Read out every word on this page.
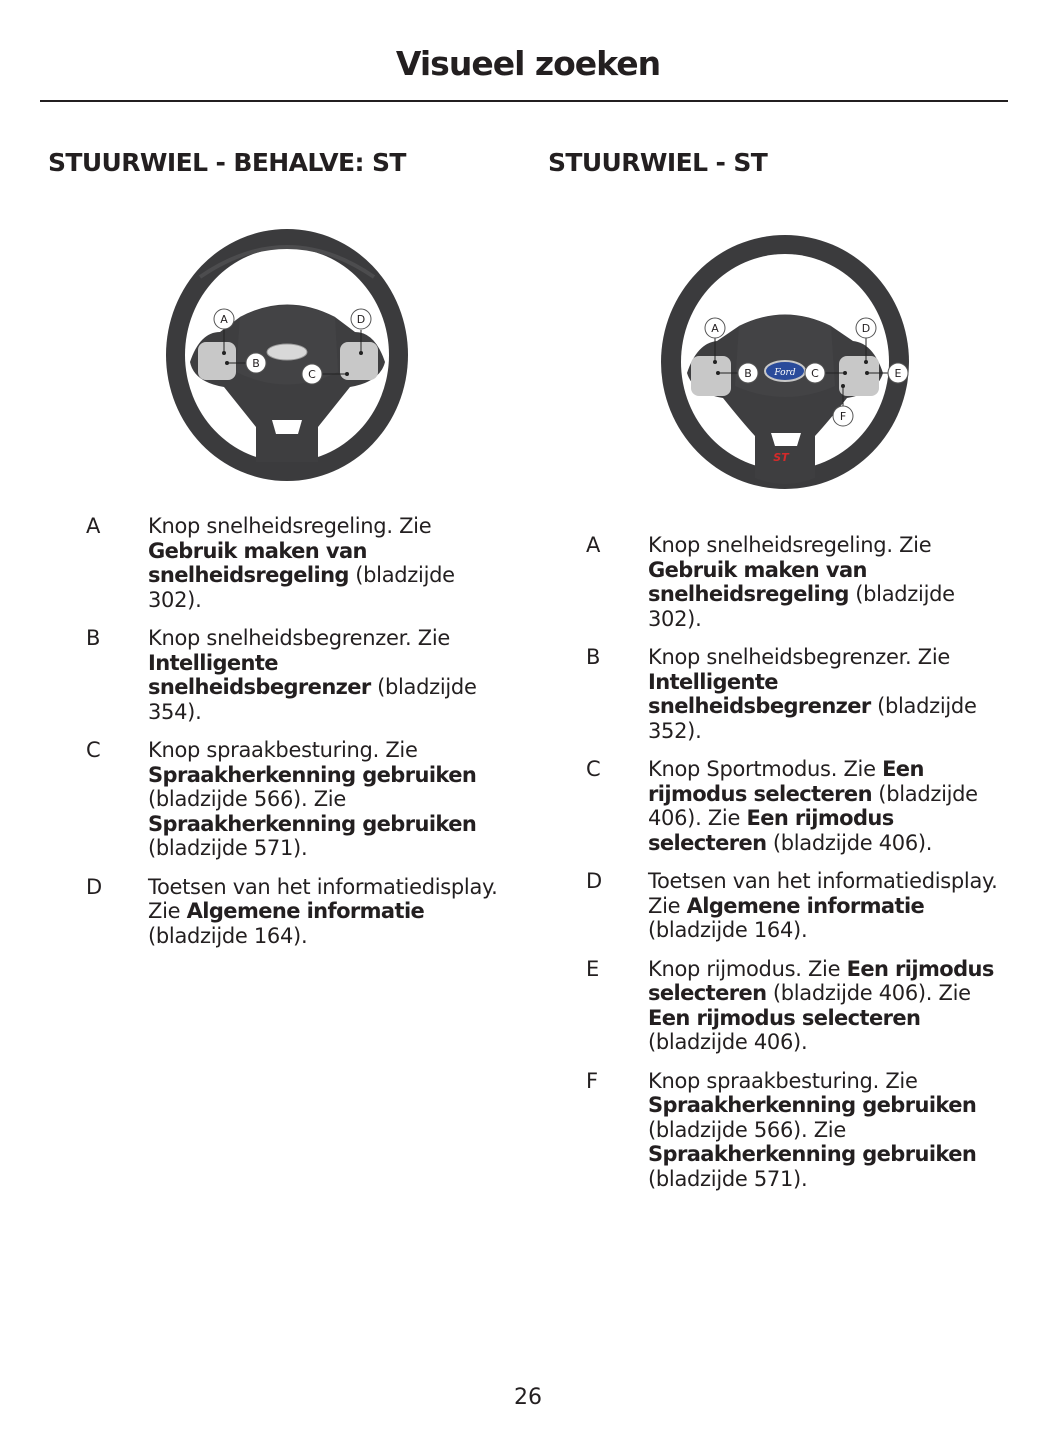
Visueel zoeken
STUURWIEL - BEHALVE: ST	STUURWIEL - ST
A
B
C
D
Ford
ST
A
B	C
D
E
F
A	Knop snelheidsregeling. Zie Gebruik maken van snelheidsregeling (bladzijde 302).
B	Knop snelheidsbegrenzer. Zie Intelligente snelheidsbegrenzer (bladzijde 354).
C	Knop spraakbesturing. Zie Spraakherkenning gebruiken (bladzijde 566). Zie Spraakherkenning gebruiken (bladzijde 571).
D	Toetsen van het informatiedisplay. Zie Algemene informatie (bladzijde 164).
A	Knop snelheidsregeling. Zie Gebruik maken van snelheidsregeling (bladzijde 302).
B	Knop snelheidsbegrenzer. Zie Intelligente snelheidsbegrenzer (bladzijde 352).
C	Knop Sportmodus. Zie Een rijmodus selecteren (bladzijde 406). Zie Een rijmodus selecteren (bladzijde 406).
D	Toetsen van het informatiedisplay. Zie Algemene informatie (bladzijde 164).
E	Knop rijmodus. Zie Een rijmodus selecteren (bladzijde 406). Zie Een rijmodus selecteren (bladzijde 406).
F	Knop spraakbesturing. Zie Spraakherkenning gebruiken (bladzijde 566). Zie Spraakherkenning gebruiken (bladzijde 571).
26
